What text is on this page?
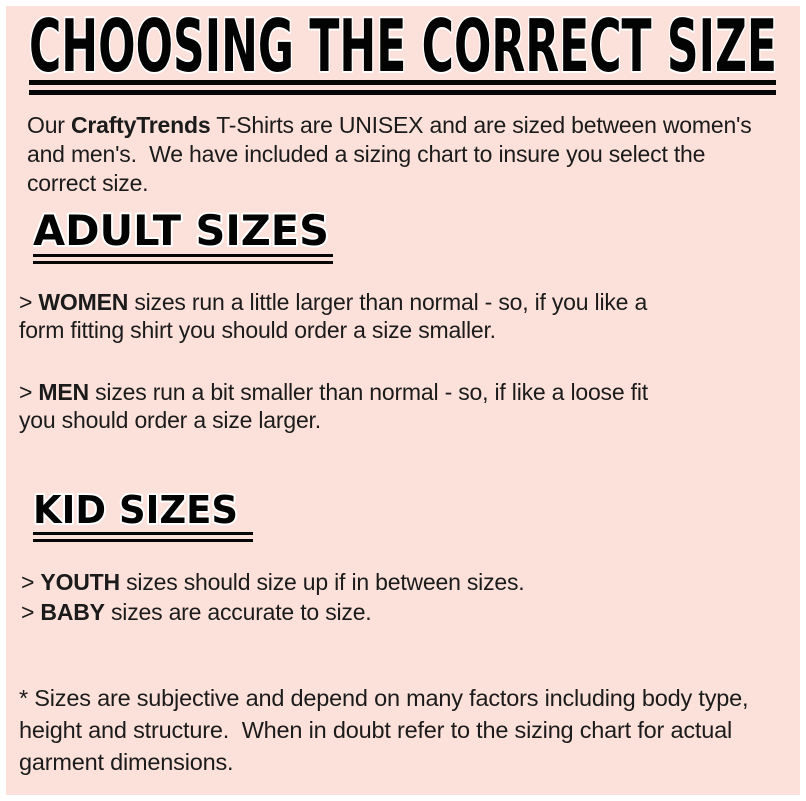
CHOOSING THE CORRECT SIZE

Our CraftyTrends T-Shirts are UNISEX and are sized between women's
and men's.  We have included a sizing chart to insure you select the
correct size.

ADULT SIZES

> WOMEN sizes run a little larger than normal - so, if you like a
form fitting shirt you should order a size smaller.

> MEN sizes run a bit smaller than normal - so, if like a loose fit
you should order a size larger.

KID SIZES

> YOUTH sizes should size up if in between sizes.
> BABY sizes are accurate to size.

* Sizes are subjective and depend on many factors including body type,
height and structure.  When in doubt refer to the sizing chart for actual
garment dimensions.
